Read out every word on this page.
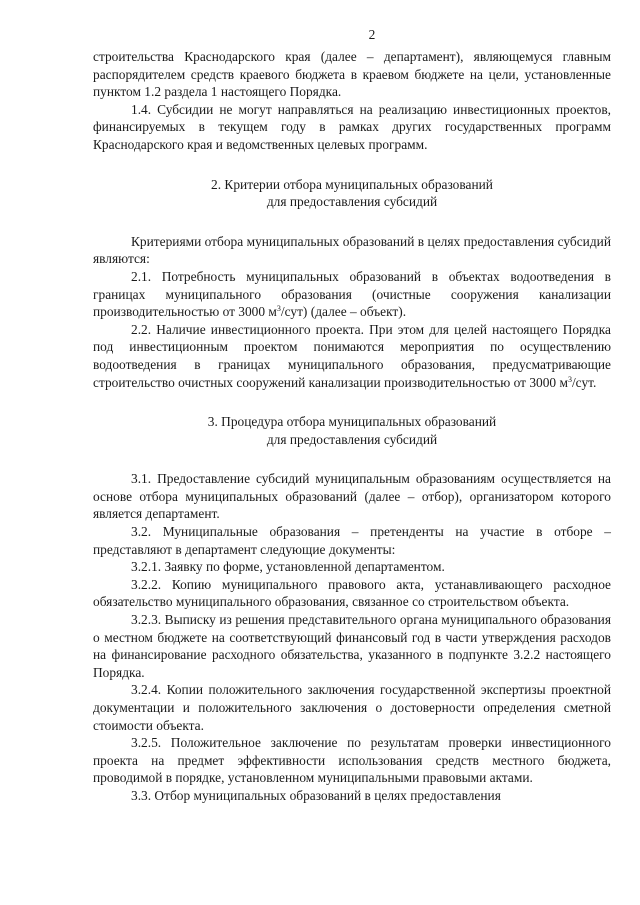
2

строительства Краснодарского края (далее – департамент), являющемуся главным распорядителем средств краевого бюджета в краевом бюджете на цели, установленные пунктом 1.2 раздела 1 настоящего Порядка.

1.4. Субсидии не могут направляться на реализацию инвестиционных проектов, финансируемых в текущем году в рамках других государственных программ Краснодарского края и ведомственных целевых программ.

2. Критерии отбора муниципальных образований

для предоставления субсидий

Критериями отбора муниципальных образований в целях предоставления субсидий являются:

2.1. Потребность муниципальных образований в объектах водоотведения в границах муниципального образования (очистные сооружения канализации производительностью от 3000 $м^3/сут$) (далее – объект).

2.2. Наличие инвестиционного проекта. При этом для целей настоящего Порядка под инвестиционным проектом понимаются мероприятия по осуществлению водоотведения в границах муниципального образования, предусматривающие строительство очистных сооружений канализации производительностью от 3000 $м^3$/сут.

3. Процедура отбора муниципальных образований

для предоставления субсидий

3.1. Предоставление субсидий муниципальным образованиям осуществляется на основе отбора муниципальных образований (далее – отбор), организатором которого является департамент.

3.2. Муниципальные образования – претенденты на участие в отборе – представляют в департамент следующие документы:

3.2.1. Заявку по форме, установленной департаментом.

3.2.2. Копию муниципального правового акта, устанавливающего расходное обязательство муниципального образования, связанное со строительством объекта.

3.2.3. Выписку из решения представительного органа муниципального образования о местном бюджете на соответствующий финансовый год в части утверждения расходов на финансирование расходного обязательства, указанного в подпункте 3.2.2 настоящего Порядка.

3.2.4. Копии положительного заключения государственной экспертизы проектной документации и положительного заключения о достоверности определения сметной стоимости объекта.

3.2.5. Положительное заключение по результатам проверки инвестиционного проекта на предмет эффективности использования средств местного бюджета, проводимой в порядке, установленном муниципальными правовыми актами.

3.3. Отбор муниципальных образований в целях предоставления
